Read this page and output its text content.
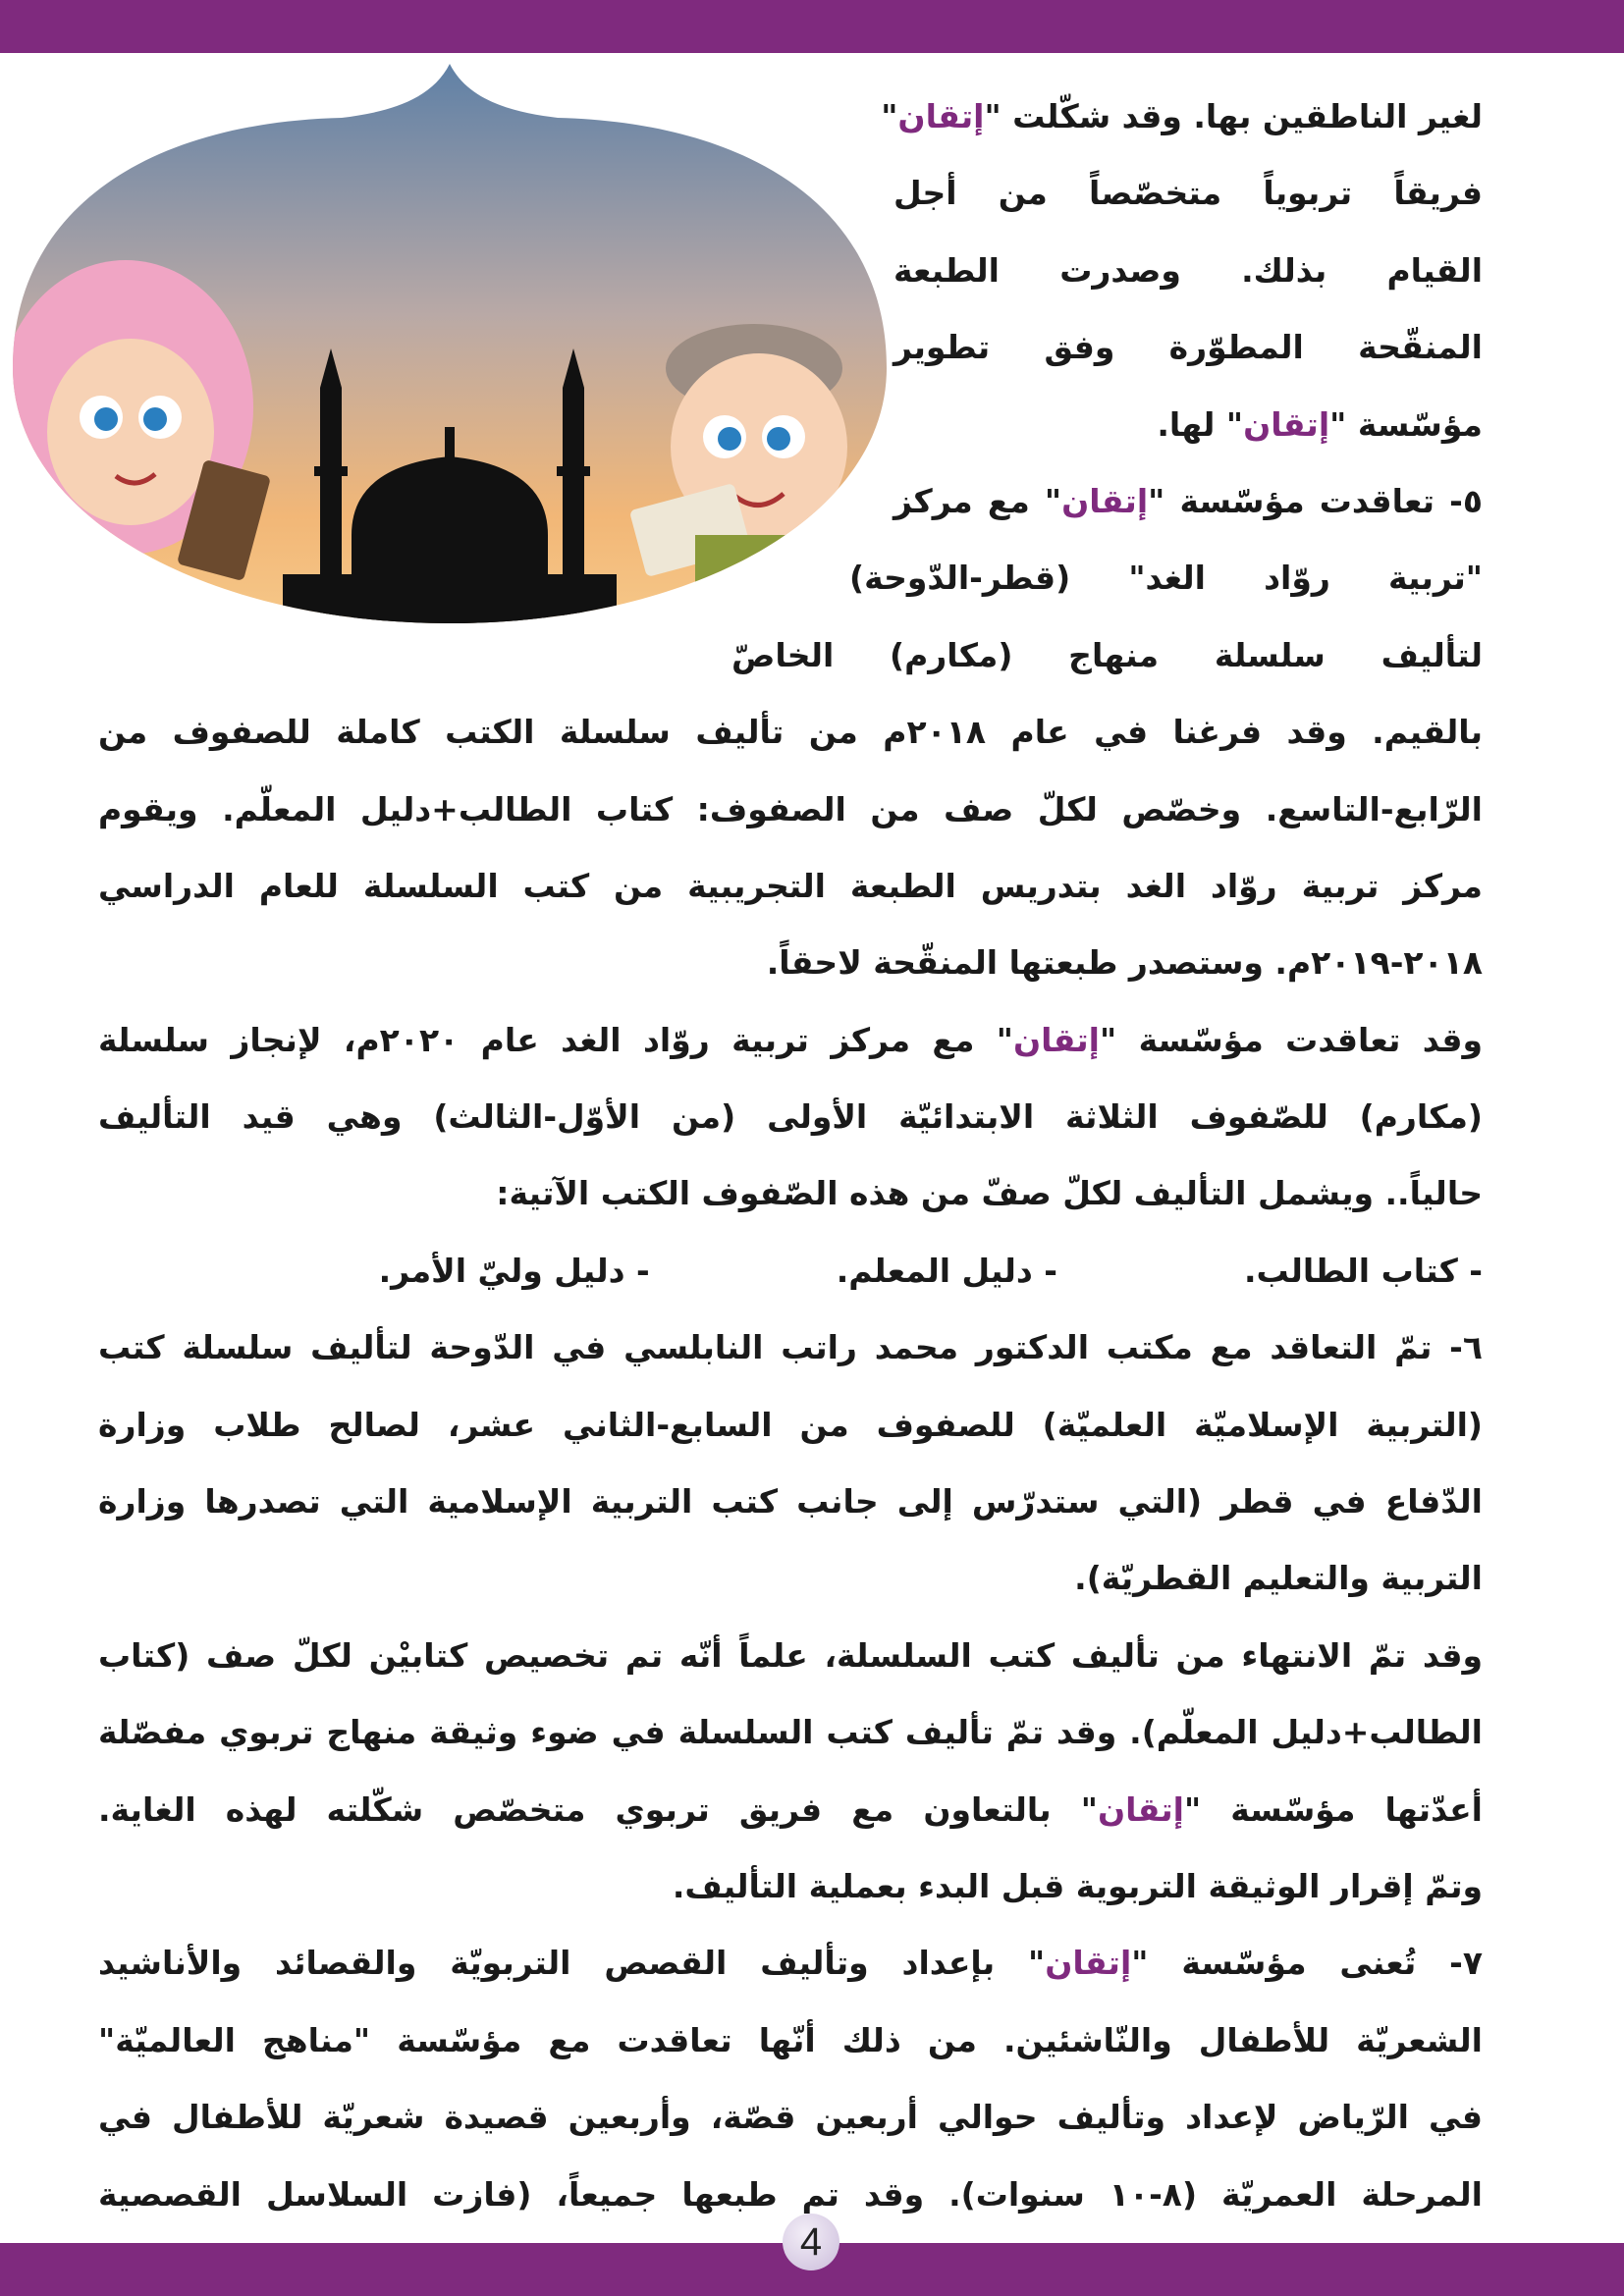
لغير الناطقين بها. وقد شكّلت "إتقان"
فريقاً تربوياً متخصّصاً من أجل
القيام بذلك. وصدرت الطبعة
المنقّحة المطوّرة وفق تطوير
مؤسّسة "إتقان" لها.
٥- تعاقدت مؤسّسة "إتقان" مع مركز
"تربية روّاد الغد" (قطر-الدّوحة)
لتأليف سلسلة منهاج (مكارم) الخاصّ
بالقيم. وقد فرغنا في عام ٢٠١٨م من تأليف سلسلة الكتب كاملة للصفوف من
الرّابع-التاسع. وخصّص لكلّ صف من الصفوف: كتاب الطالب+دليل المعلّم. ويقوم
مركز تربية روّاد الغد بتدريس الطبعة التجريبية من كتب السلسلة للعام الدراسي
٢٠١٨-٢٠١٩م. وستصدر طبعتها المنقّحة لاحقاً.
وقد تعاقدت مؤسّسة "إتقان" مع مركز تربية روّاد الغد عام ٢٠٢٠م، لإنجاز سلسلة
(مكارم) للصّفوف الثلاثة الابتدائيّة الأولى (من الأوّل-الثالث) وهي قيد التأليف
حالياً.. ويشمل التأليف لكلّ صفّ من هذه الصّفوف الكتب الآتية:
- كتاب الطالب.
- دليل المعلم.
- دليل وليّ الأمر.
٦- تمّ التعاقد مع مكتب الدكتور محمد راتب النابلسي في الدّوحة لتأليف سلسلة كتب
(التربية الإسلاميّة العلميّة) للصفوف من السابع-الثاني عشر، لصالح طلاب وزارة
الدّفاع في قطر (التي ستدرّس إلى جانب كتب التربية الإسلامية التي تصدرها وزارة
التربية والتعليم القطريّة).
وقد تمّ الانتهاء من تأليف كتب السلسلة، علماً أنّه تم تخصيص كتابيْن لكلّ صف (كتاب
الطالب+دليل المعلّم). وقد تمّ تأليف كتب السلسلة في ضوء وثيقة منهاج تربوي مفصّلة
أعدّتها مؤسّسة "إتقان" بالتعاون مع فريق تربوي متخصّص شكّلته لهذه الغاية.
وتمّ إقرار الوثيقة التربوية قبل البدء بعملية التأليف.
٧- تُعنى مؤسّسة "إتقان" بإعداد وتأليف القصص التربويّة والقصائد والأناشيد
الشعريّة للأطفال والنّاشئين. من ذلك أنّها تعاقدت مع مؤسّسة "مناهج العالميّة"
في الرّياض لإعداد وتأليف حوالي أربعين قصّة، وأربعين قصيدة شعريّة للأطفال في
المرحلة العمريّة (٨-١٠ سنوات). وقد تم طبعها جميعاً، (فازت السلاسل القصصية
4
